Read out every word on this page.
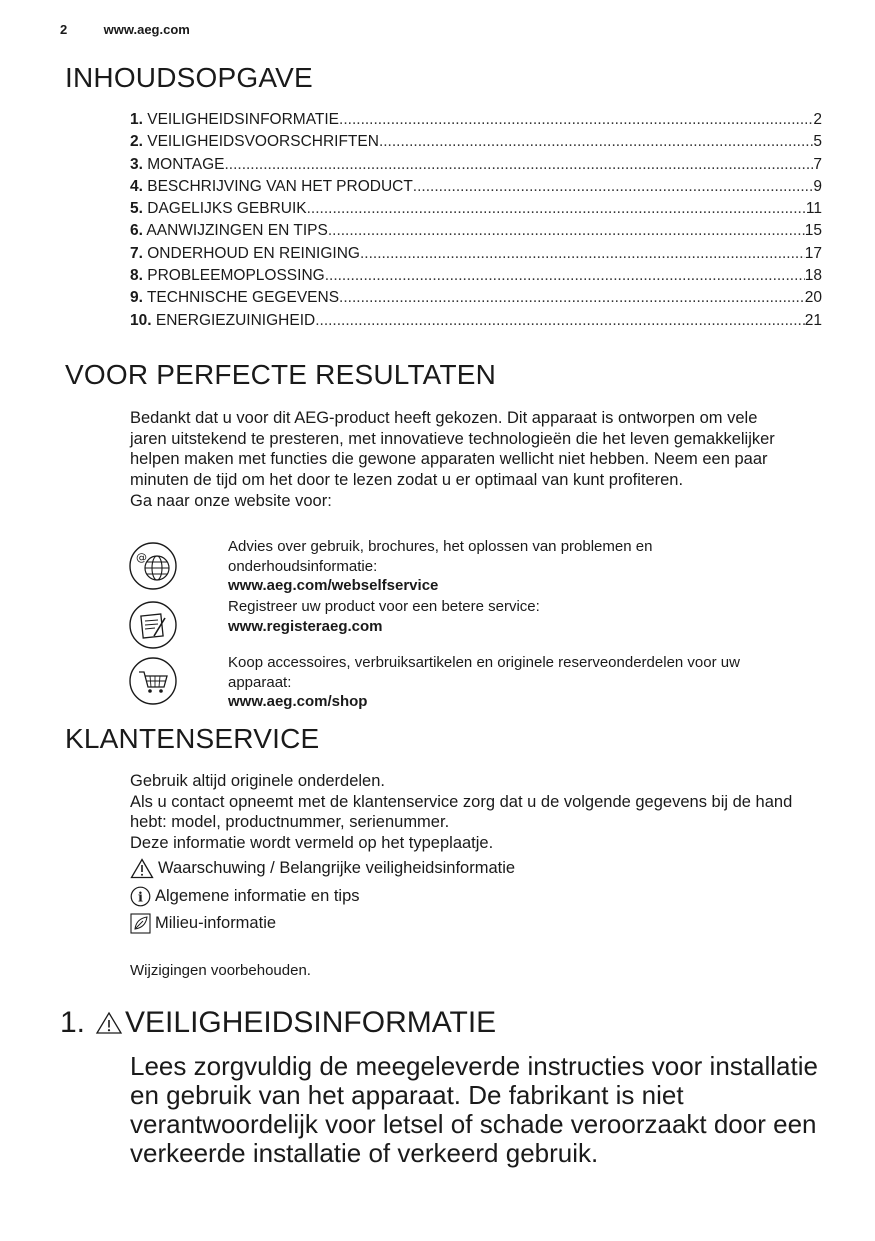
2	www.aeg.com
INHOUDSOPGAVE
1. VEILIGHEIDSINFORMATIE .....	2
2. VEILIGHEIDSVOORSCHRIFTEN .....	5
3. MONTAGE .....	7
4. BESCHRIJVING VAN HET PRODUCT .....	9
5. DAGELIJKS GEBRUIK .....	11
6. AANWIJZINGEN EN TIPS .....	15
7. ONDERHOUD EN REINIGING .....	17
8. PROBLEEMOPLOSSING .....	18
9. TECHNISCHE GEGEVENS .....	20
10. ENERGIEZUINIGHEID .....	21
VOOR PERFECTE RESULTATEN

Bedankt dat u voor dit AEG-product heeft gekozen. Dit apparaat is ontworpen om vele jaren uitstekend te presteren, met innovatieve technologieën die het leven gemakkelijker helpen maken met functies die gewone apparaten wellicht niet hebben. Neem een paar minuten de tijd om het door te lezen zodat u er optimaal van kunt profiteren.
Ga naar onze website voor:

@
Advies over gebruik, brochures, het oplossen van problemen en onderhoudsinformatie:
www.aeg.com/webselfservice
Registreer uw product voor een betere service:
www.registeraeg.com
Koop accessoires, verbruiksartikelen en originele reserveonderdelen voor uw apparaat:
www.aeg.com/shop
KLANTENSERVICE

Gebruik altijd originele onderdelen.
Als u contact opneemt met de klantenservice zorg dat u de volgende gegevens bij de hand hebt: model, productnummer, serienummer.
Deze informatie wordt vermeld op het typeplaatje.

Waarschuwing / Belangrijke veiligheidsinformatie
i Algemene informatie en tips
Milieu-informatie
Wijzigingen voorbehouden.
1. VEILIGHEIDSINFORMATIE

Lees zorgvuldig de meegeleverde instructies voor installatie en gebruik van het apparaat. De fabrikant is niet verantwoordelijk voor letsel of schade veroorzaakt door een verkeerde installatie of verkeerd gebruik.
